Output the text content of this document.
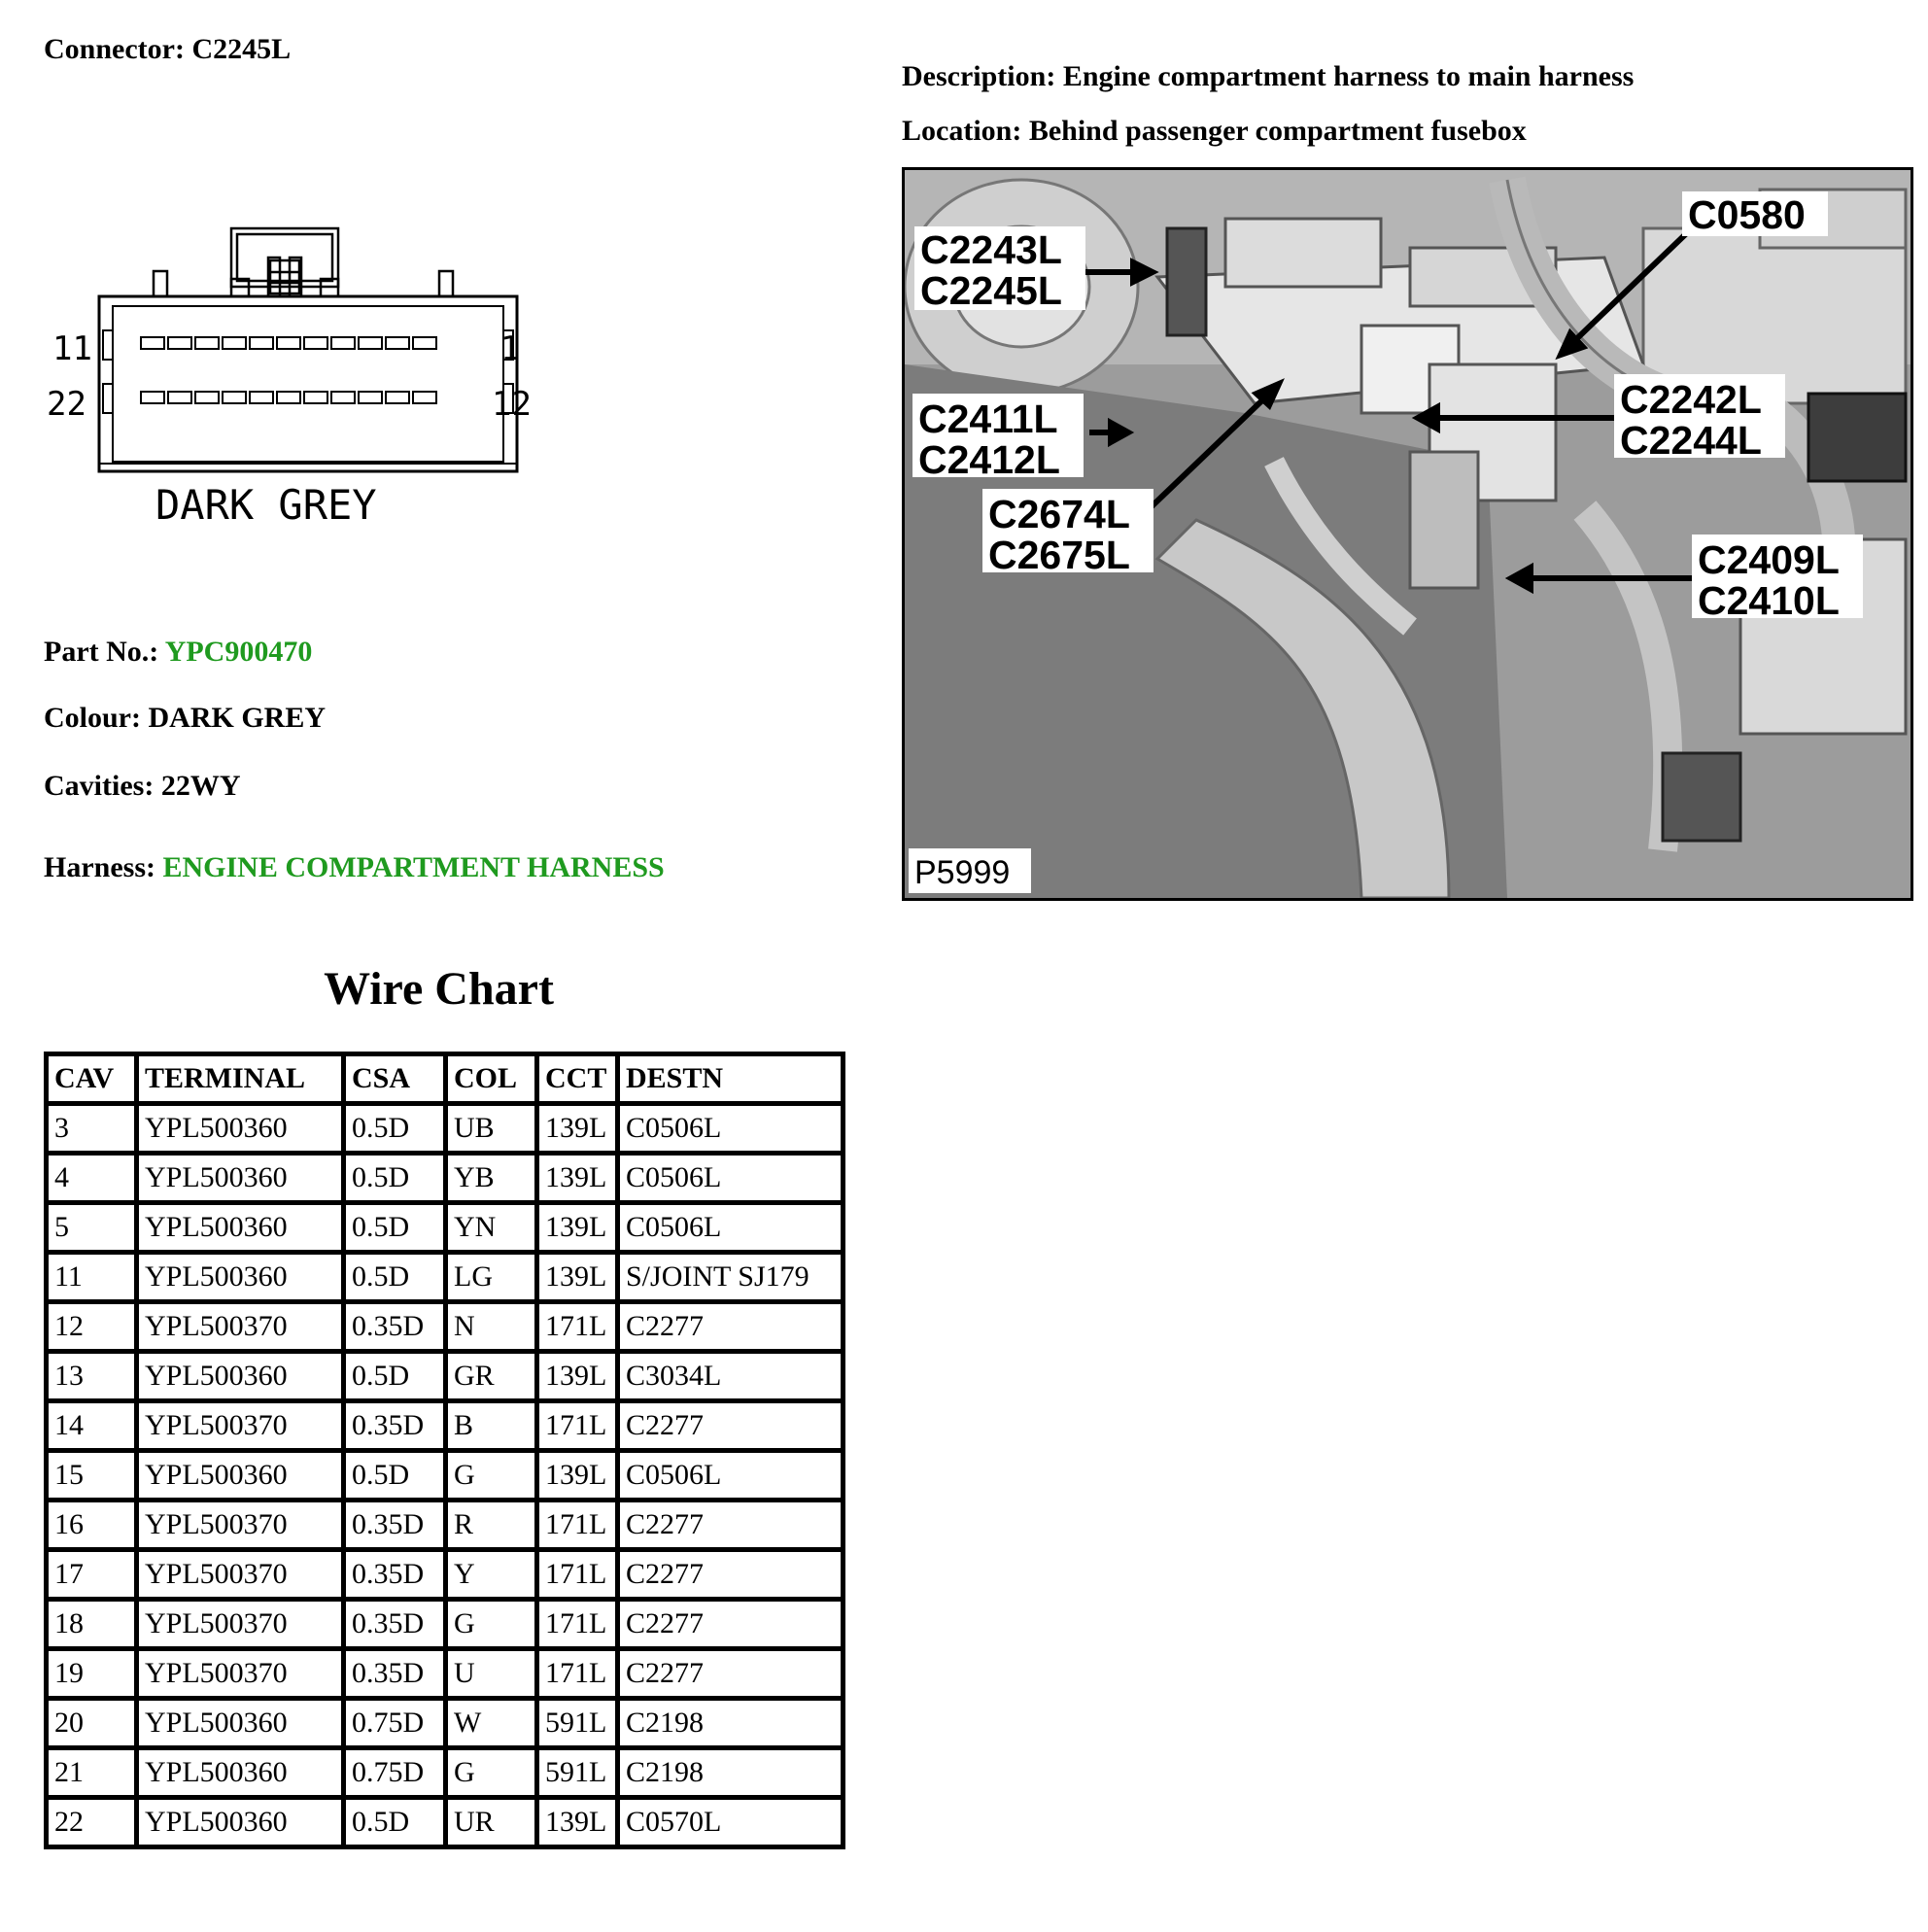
Connector: C2245L
Description: Engine compartment harness to main harness
Location: Behind passenger compartment fusebox
11	1
22	12
DARK GREY
Part No.: YPC900470
Colour: DARK GREY
Cavities: 22WY
Harness: ENGINE COMPARTMENT HARNESS
C2243L
C2245L
C0580
C2411L
C2412L
C2242L
C2244L
C2674L
C2675L	C2409L
C2410L
P5999
Wire Chart
CAV	TERMINAL	CSA	COL	CCT	DESTN
3	YPL500360	0.5D	UB	139L	C0506L
4	YPL500360	0.5D	YB	139L	C0506L
5	YPL500360	0.5D	YN	139L	C0506L
11	YPL500360	0.5D	LG	139L	S/JOINT SJ179
12	YPL500370	0.35D	N	171L	C2277
13	YPL500360	0.5D	GR	139L	C3034L
14	YPL500370	0.35D	B	171L	C2277
15	YPL500360	0.5D	G	139L	C0506L
16	YPL500370	0.35D	R	171L	C2277
17	YPL500370	0.35D	Y	171L	C2277
18	YPL500370	0.35D	G	171L	C2277
19	YPL500370	0.35D	U	171L	C2277
20	YPL500360	0.75D	W	591L	C2198
21	YPL500360	0.75D	G	591L	C2198
22	YPL500360	0.5D	UR	139L	C0570L
